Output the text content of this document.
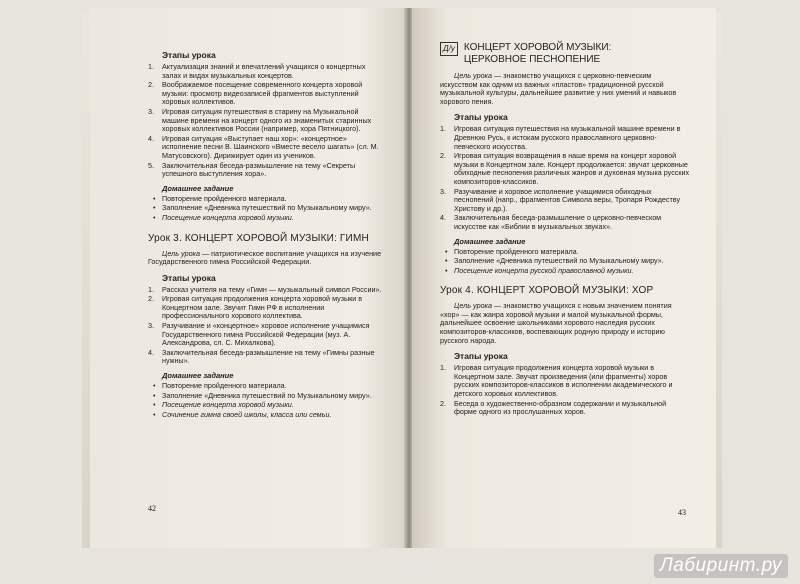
Этапы урока
1. Актуализация знаний и впечатлений учащихся о концертных залах и видах музыкальных концертов.
2. Воображаемое посещение современного концерта хоровой музыки: просмотр видеозаписей фрагментов выступлений хоровых коллективов.
3. Игровая ситуация путешествия в старину на Музыкальной машине времени на концерт одного из знаменитых старинных хоровых коллективов России (например, хора Пятницкого).
4. Игровая ситуация «Выступает наш хор»: «концертное» исполнение песни В. Шаинского «Вместе весело шагать» (сл. М. Матусовского). Дирижирует один из учеников.
5. Заключительная беседа-размышление на тему «Секреты успешного выступления хора».
Домашнее задание
• Повторение пройденного материала.
• Заполнение «Дневника путешествий по Музыкальному миру».
• Посещение концерта хоровой музыки.
Урок 3. КОНЦЕРТ ХОРОВОЙ МУЗЫКИ: ГИМН
Цель урока — патриотическое воспитание учащихся на изучение Государственного гимна Российской Федерации.
Этапы урока
1. Рассказ учителя на тему «Гимн — музыкальный символ России».
2. Игровая ситуация продолжения концерта хоровой музыки в Концертном зале. Звучит Гимн РФ в исполнении профессионального хорового коллектива.
3. Разучивание и «концертное» хоровое исполнение учащимися Государственного гимна Российской Федерации (муз. А. Александрова, сл. С. Михалкова).
4. Заключительная беседа-размышление на тему «Гимны разные нужны».
Домашнее задание
• Повторение пройденного материала.
• Заполнение «Дневника путешествий по Музыкальному миру».
• Посещение концерта хоровой музыки.
• Сочинение гимна своей школы, класса или семьи.
42
Д/у КОНЦЕРТ ХОРОВОЙ МУЗЫКИ:
ЦЕРКОВНОЕ ПЕСНОПЕНИЕ
Цель урока — знакомство учащихся с церковно-певческим искусством как одним из важных «пластов» традиционной русской музыкальной культуры, дальнейшее развитие у них умений и навыков хорового пения.
Этапы урока
1. Игровая ситуация путешествия на музыкальной машине времени в Древнюю Русь, к истокам русского православного церковно-певческого искусства.
2. Игровая ситуация возвращения в наше время на концерт хоровой музыки в Концертном зале. Концерт продолжается: звучат церковные обиходные песнопения различных жанров и духовная музыка русских композиторов-классиков.
3. Разучивание и хоровое исполнение учащимися обиходных песнопений (напр., фрагментов Символа веры, Тропаря Рождеству Христову и др.).
4. Заключительная беседа-размышление о церковно-певческом искусстве как «Библии в музыкальных звуках».
Домашнее задание
• Повторение пройденного материала.
• Заполнение «Дневника путешествий по Музыкальному миру».
• Посещение концерта русской православной музыки.
Урок 4. КОНЦЕРТ ХОРОВОЙ МУЗЫКИ: ХОР
Цель урока — знакомство учащихся с новым значением понятия «хор» — как жанра хоровой музыки и малой музыкальной формы, дальнейшее освоение школьниками хорового наследия русских композиторов-классиков, воспевающих родную природу и историю русского народа.
Этапы урока
1. Игровая ситуация продолжения концерта хоровой музыки в Концертном зале. Звучат произведения (или фрагменты) хоров русских композиторов-классиков в исполнении академического и детского хоровых коллективов.
2. Беседа о художественно-образном содержании и музыкальной форме одного из прослушанных хоров.
43
Лабиринт.ру
